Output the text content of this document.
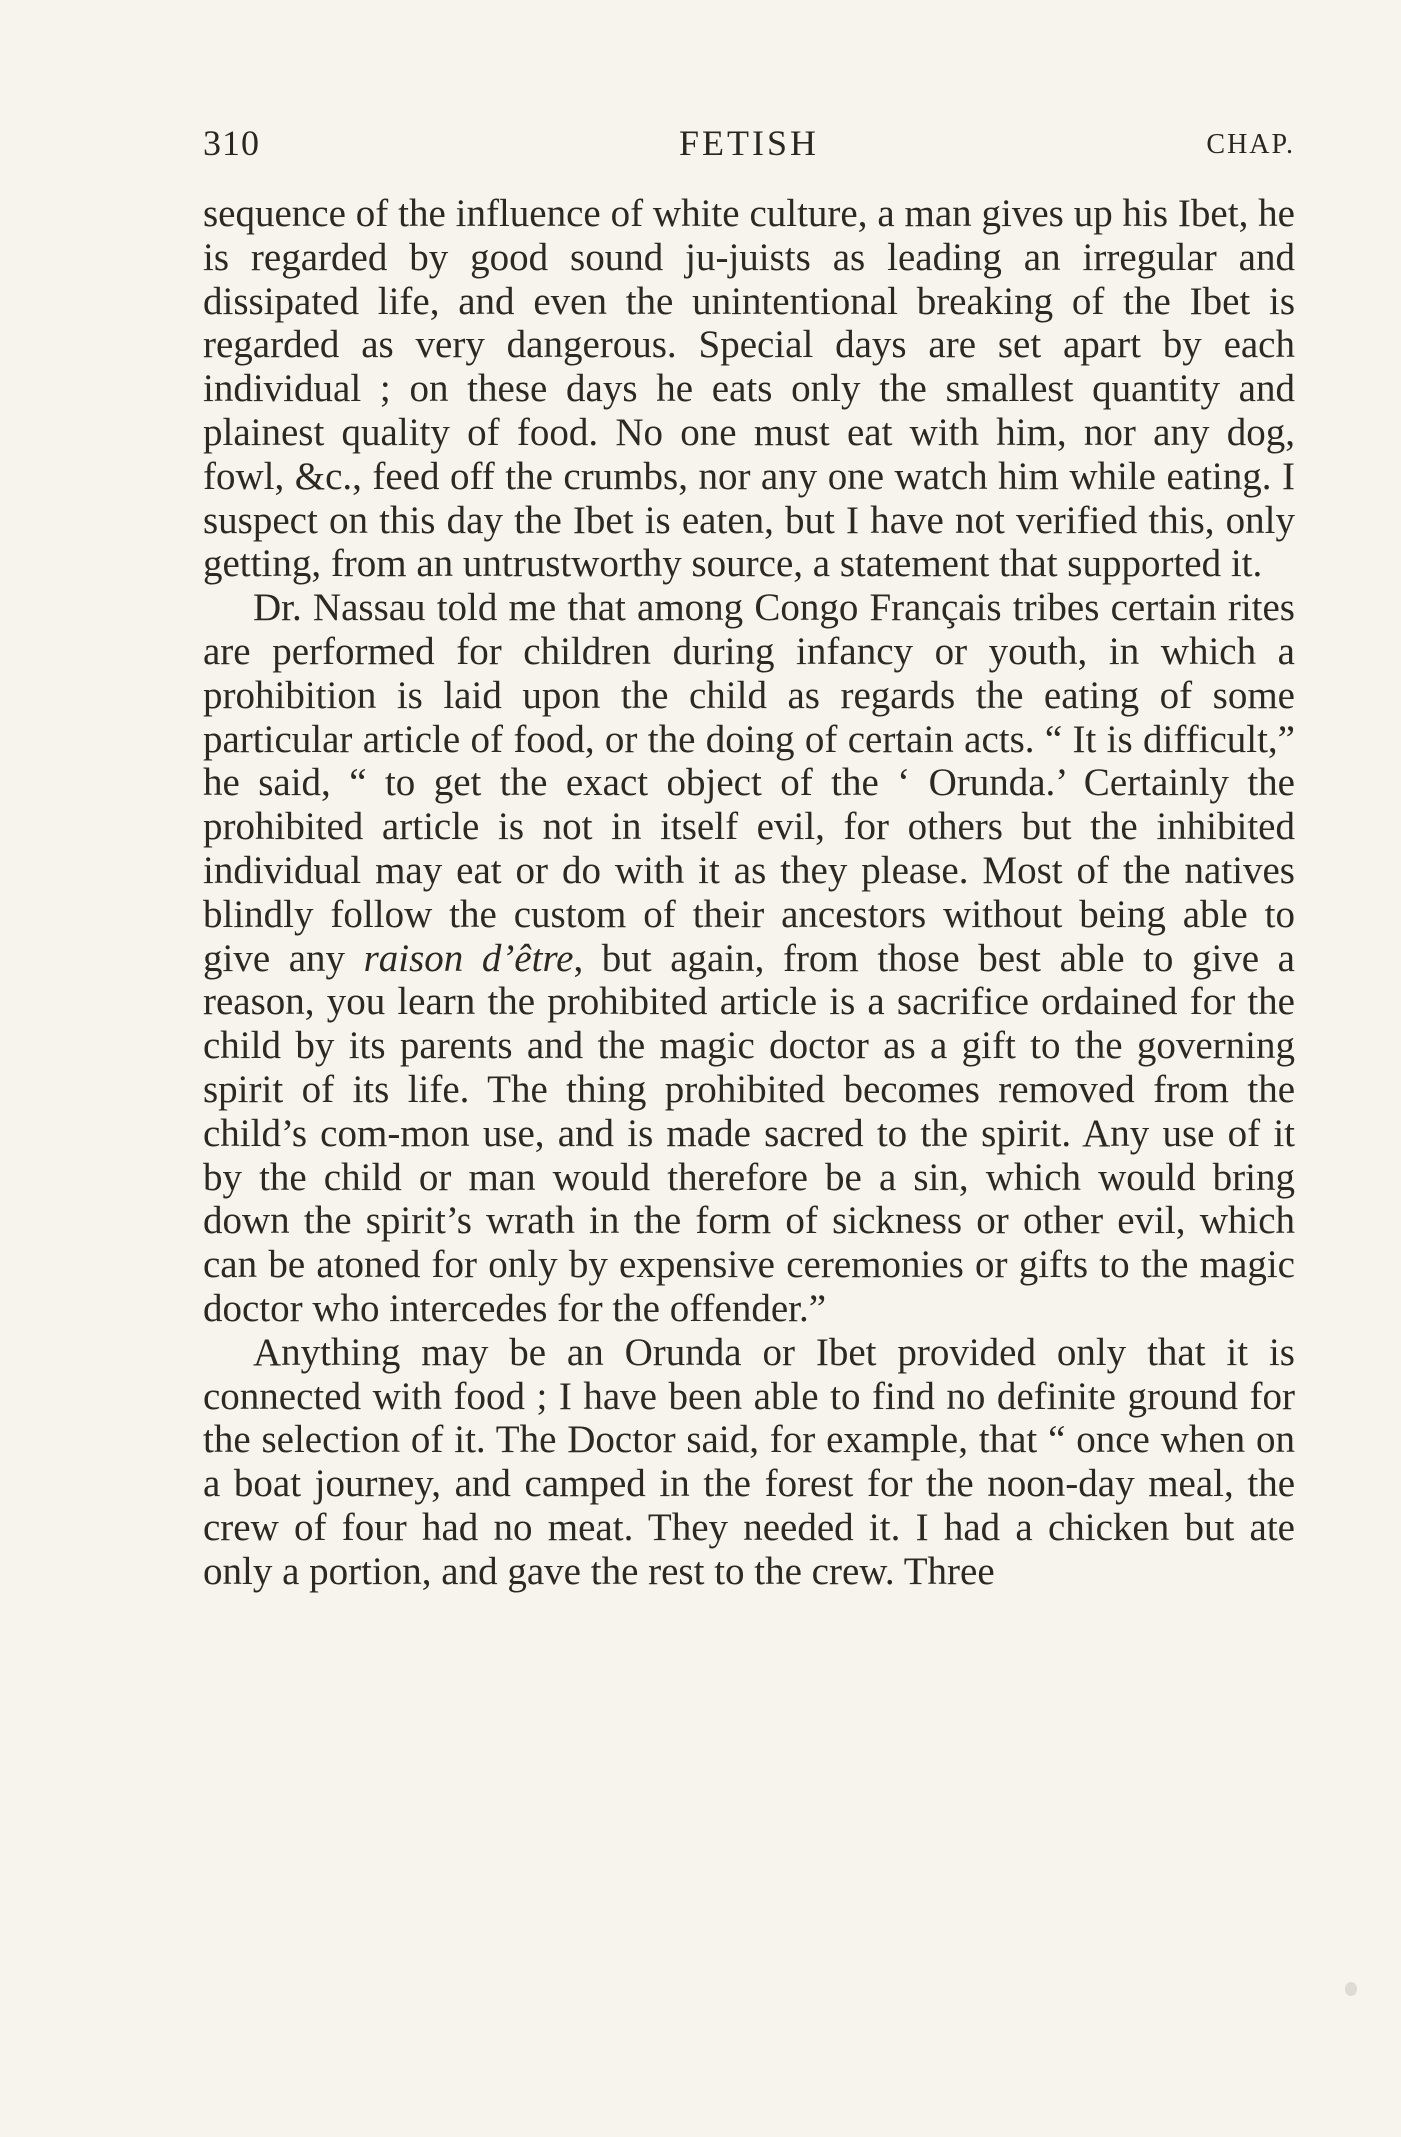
310	FETISH	CHAP.

sequence of the influence of white culture, a man gives up his Ibet, he is regarded by good sound ju-juists as leading an irregular and dissipated life, and even the unintentional breaking of the Ibet is regarded as very dangerous. Special days are set apart by each individual ; on these days he eats only the smallest quantity and plainest quality of food. No one must eat with him, nor any dog, fowl, &c., feed off the crumbs, nor any one watch him while eating. I suspect on this day the Ibet is eaten, but I have not verified this, only getting, from an untrustworthy source, a statement that supported it.

Dr. Nassau told me that among Congo Français tribes certain rites are performed for children during infancy or youth, in which a prohibition is laid upon the child as regards the eating of some particular article of food, or the doing of certain acts. “ It is difficult,” he said, “ to get the exact object of the ‘ Orunda.’ Certainly the prohibited article is not in itself evil, for others but the inhibited individual may eat or do with it as they please. Most of the natives blindly follow the custom of their ancestors without being able to give any raison d’être, but again, from those best able to give a reason, you learn the prohibited article is a sacrifice ordained for the child by its parents and the magic doctor as a gift to the governing spirit of its life. The thing prohibited becomes removed from the child’s com-mon use, and is made sacred to the spirit. Any use of it by the child or man would therefore be a sin, which would bring down the spirit’s wrath in the form of sickness or other evil, which can be atoned for only by expensive ceremonies or gifts to the magic doctor who intercedes for the offender.”

Anything may be an Orunda or Ibet provided only that it is connected with food ; I have been able to find no definite ground for the selection of it. The Doctor said, for example, that “ once when on a boat journey, and camped in the forest for the noon-day meal, the crew of four had no meat. They needed it. I had a chicken but ate only a portion, and gave the rest to the crew. Three
